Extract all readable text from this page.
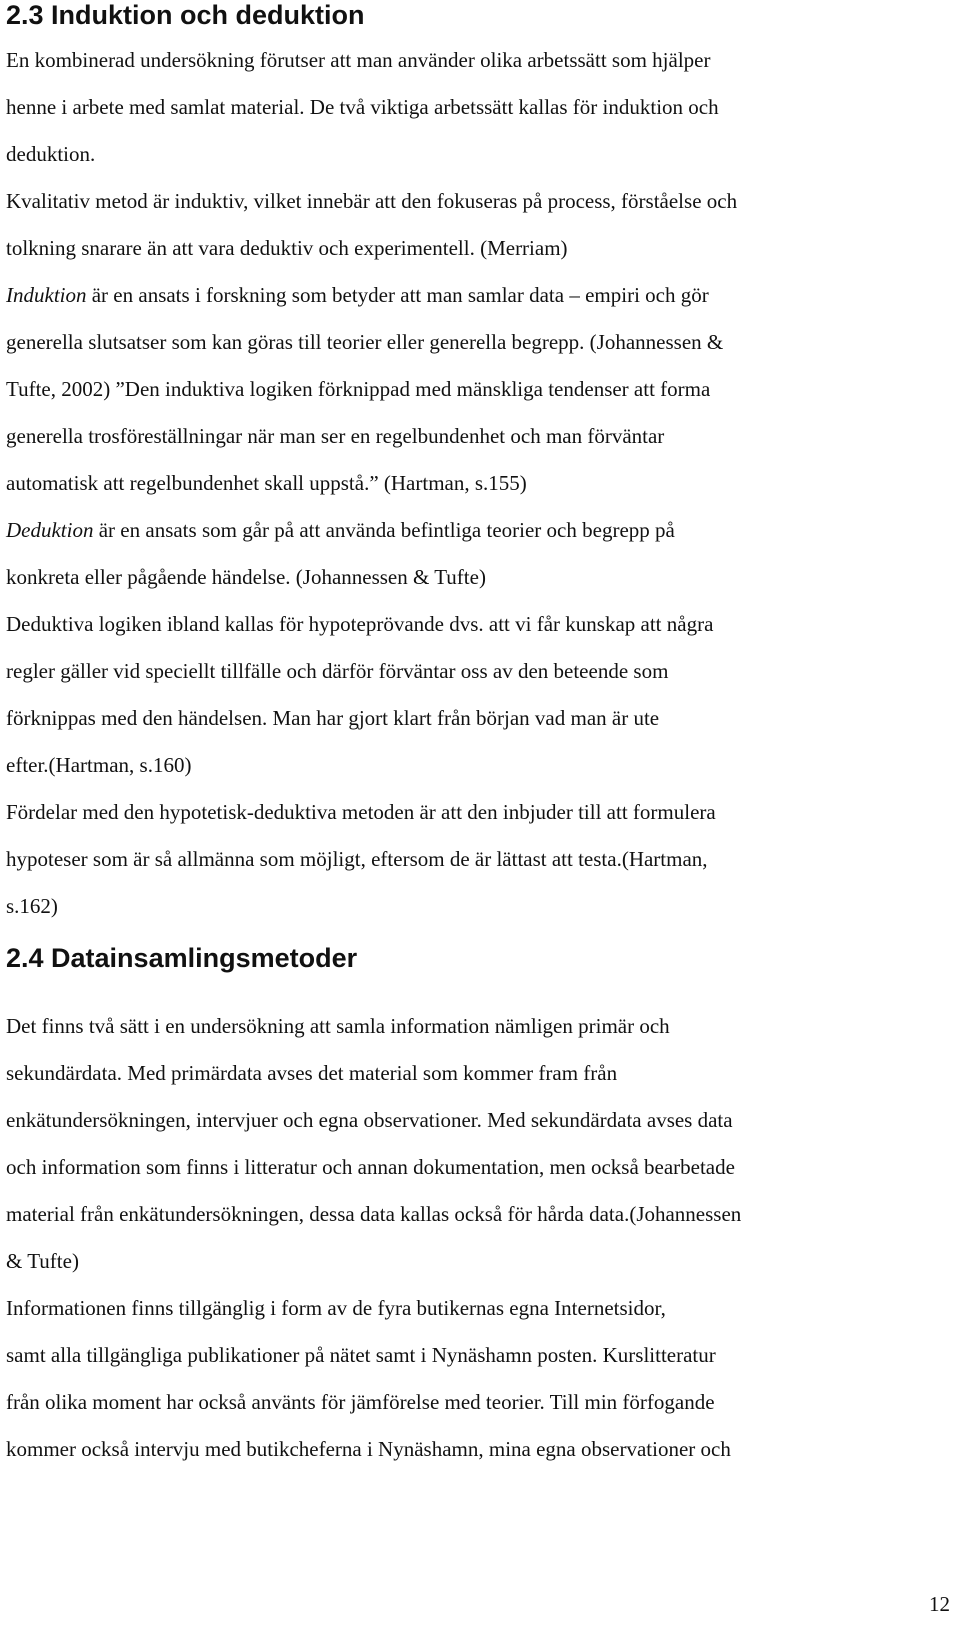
2.3 Induktion och deduktion
En kombinerad undersökning förutser att man använder olika arbetssätt som hjälper
henne i arbete med samlat material. De två viktiga arbetssätt kallas för induktion och
deduktion.
Kvalitativ metod är induktiv, vilket innebär att den fokuseras på process, förståelse och
tolkning snarare än att vara deduktiv och experimentell. (Merriam)
Induktion är en ansats i forskning som betyder att man samlar data – empiri och gör
generella slutsatser som kan göras till teorier eller generella begrepp. (Johannessen &
Tufte, 2002) ”Den induktiva logiken förknippad med mänskliga tendenser att forma
generella trosföreställningar när man ser en regelbundenhet och man förväntar
automatisk att regelbundenhet skall uppstå.” (Hartman, s.155)
Deduktion är en ansats som går på att använda befintliga teorier och begrepp på
konkreta eller pågående händelse. (Johannessen & Tufte)
Deduktiva logiken ibland kallas för hypoteprövande dvs. att vi får kunskap att några
regler gäller vid speciellt tillfälle och därför förväntar oss av den beteende som
förknippas med den händelsen. Man har gjort klart från början vad man är ute
efter.(Hartman, s.160)
Fördelar med den hypotetisk-deduktiva metoden är att den inbjuder till att formulera
hypoteser som är så allmänna som möjligt, eftersom de är lättast att testa.(Hartman,
s.162)
2.4 Datainsamlingsmetoder
Det finns två sätt i en undersökning att samla information nämligen primär och
sekundärdata. Med primärdata avses det material som kommer fram från
enkätundersökningen, intervjuer och egna observationer. Med sekundärdata avses data
och information som finns i litteratur och annan dokumentation, men också bearbetade
material från enkätundersökningen, dessa data kallas också för hårda data.(Johannessen
& Tufte)
Informationen finns tillgänglig i form av de fyra butikernas egna Internetsidor,
samt alla tillgängliga publikationer på nätet samt i Nynäshamn posten. Kurslitteratur
från olika moment har också använts för jämförelse med teorier. Till min förfogande
kommer också intervju med butikcheferna i Nynäshamn, mina egna observationer och
12
